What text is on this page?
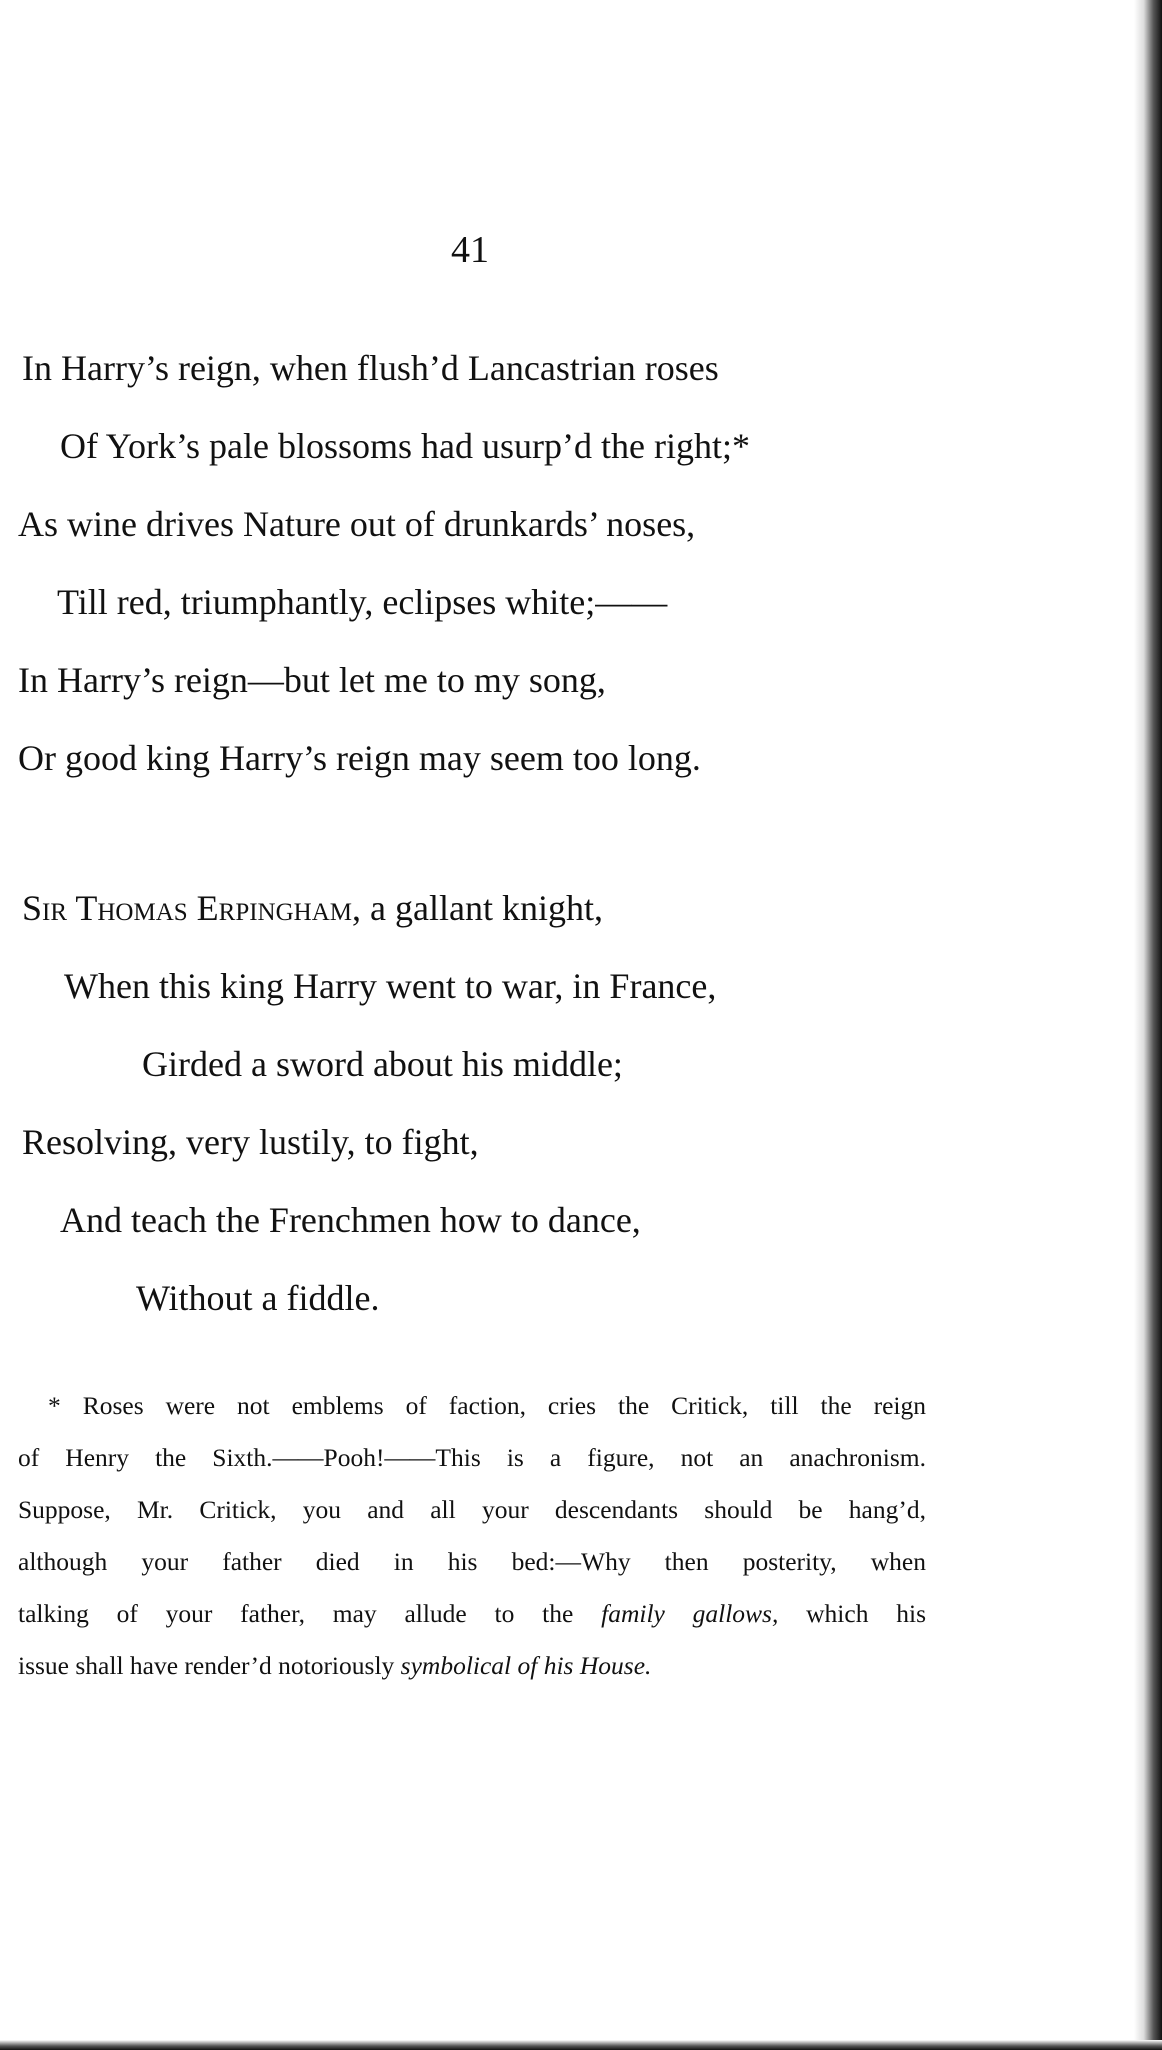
41
In Harry’s reign, when flush’d Lancastrian roses
Of York’s pale blossoms had usurp’d the right;*
As wine drives Nature out of drunkards’ noses,
Till red, triumphantly, eclipses white;——
In Harry’s reign—but let me to my song,
Or good king Harry’s reign may seem too long.
Sir Thomas Erpingham, a gallant knight,
When this king Harry went to war, in France,
Girded a sword about his middle;
Resolving, very lustily, to fight,
And teach the Frenchmen how to dance,
Without a fiddle.
* Roses were not emblems of faction, cries the Critick, till the reign
of Henry the Sixth.——Pooh!——This is a figure, not an anachronism.
Suppose, Mr. Critick, you and all your descendants should be hang’d,
although your father died in his bed:—Why then posterity, when
talking of your father, may allude to the family gallows, which his
issue shall have render’d notoriously symbolical of his House.
